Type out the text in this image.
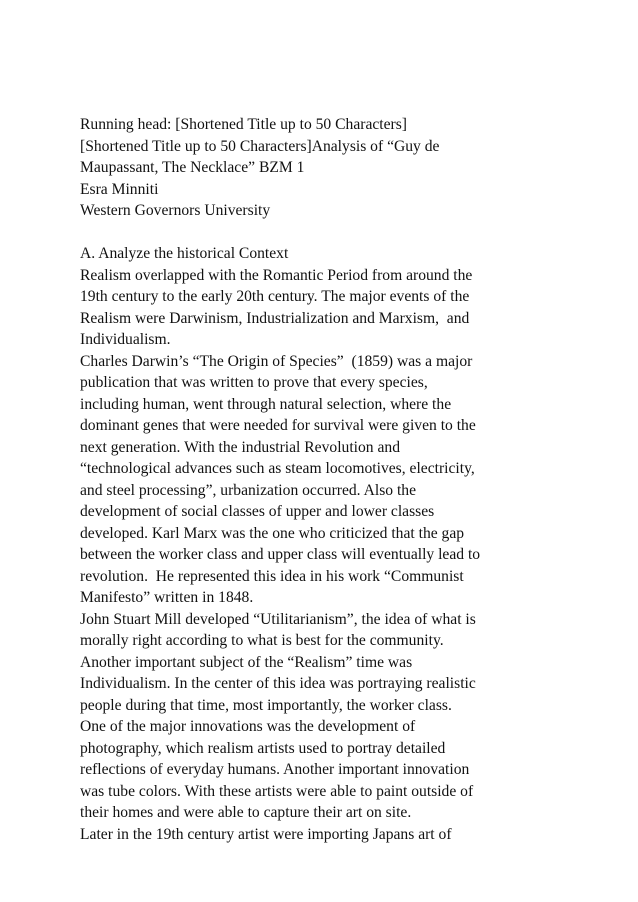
Running head: [Shortened Title up to 50 Characters]
[Shortened Title up to 50 Characters]Analysis of “Guy de
Maupassant, The Necklace” BZM 1
Esra Minniti
Western Governors University
A. Analyze the historical Context
Realism overlapped with the Romantic Period from around the
19th century to the early 20th century. The major events of the
Realism were Darwinism, Industrialization and Marxism,  and
Individualism.
Charles Darwin’s “The Origin of Species”  (1859) was a major
publication that was written to prove that every species,
including human, went through natural selection, where the
dominant genes that were needed for survival were given to the
next generation. With the industrial Revolution and
“technological advances such as steam locomotives, electricity,
and steel processing”, urbanization occurred. Also the
development of social classes of upper and lower classes
developed. Karl Marx was the one who criticized that the gap
between the worker class and upper class will eventually lead to
revolution.  He represented this idea in his work “Communist
Manifesto” written in 1848.
John Stuart Mill developed “Utilitarianism”, the idea of what is
morally right according to what is best for the community.
Another important subject of the “Realism” time was
Individualism. In the center of this idea was portraying realistic
people during that time, most importantly, the worker class.
One of the major innovations was the development of
photography, which realism artists used to portray detailed
reflections of everyday humans. Another important innovation
was tube colors. With these artists were able to paint outside of
their homes and were able to capture their art on site.
Later in the 19th century artist were importing Japans art of
